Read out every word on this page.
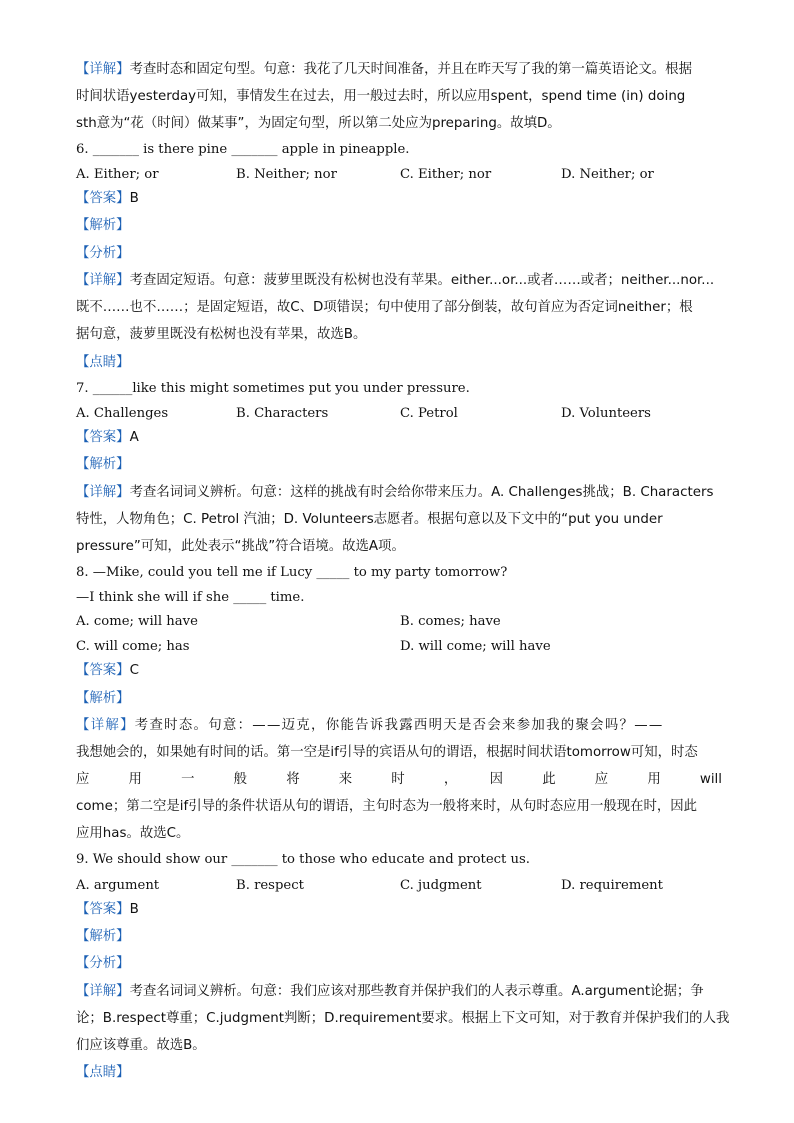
【详解】考查时态和固定句型。句意：我花了几天时间准备，并且在昨天写了我的第一篇英语论文。根据
时间状语yesterday可知，事情发生在过去，用一般过去时，所以应用spent，spend time (in) doing
sth意为“花（时间）做某事”，为固定句型，所以第二处应为preparing。故填D。
6. _______ is there pine _______ apple in pineapple.
A. Either; or	B. Neither; nor	C. Either; nor	D. Neither; or
【答案】B
【解析】
【分析】
【详解】考查固定短语。句意：菠萝里既没有松树也没有苹果。either...or...或者……或者；neither...nor...
既不……也不……；是固定短语，故C、D项错误；句中使用了部分倒装，故句首应为否定词neither；根
据句意，菠萝里既没有松树也没有苹果，故选B。
【点睛】
7. ______like this might sometimes put you under pressure.
A. Challenges	B. Characters	C. Petrol	D. Volunteers
【答案】A
【解析】
【详解】考查名词词义辨析。句意：这样的挑战有时会给你带来压力。A. Challenges挑战；B. Characters
特性，人物角色；C. Petrol 汽油；D. Volunteers志愿者。根据句意以及下文中的“put you under
pressure”可知，此处表示“挑战”符合语境。故选A项。
8. —Mike, could you tell me if Lucy _____ to my party tomorrow?
—I think she will if she _____ time.
A. come; will have	B. comes; have
C. will come; has	D. will come; will have
【答案】C
【解析】
【详解】考查时态。句意：——迈克，你能告诉我露西明天是否会来参加我的聚会吗？——
我想她会的，如果她有时间的话。第一空是if引导的宾语从句的谓语，根据时间状语tomorrow可知，时态
应　用　一　般　将　来　时　，　因　此　应　用　will
come；第二空是if引导的条件状语从句的谓语，主句时态为一般将来时，从句时态应用一般现在时，因此
应用has。故选C。
9. We should show our _______ to those who educate and protect us.
A. argument	B. respect	C. judgment	D. requirement
【答案】B
【解析】
【分析】
【详解】考查名词词义辨析。句意：我们应该对那些教育并保护我们的人表示尊重。A.argument论据；争
论；B.respect尊重；C.judgment判断；D.requirement要求。根据上下文可知，对于教育并保护我们的人我
们应该尊重。故选B。
【点睛】
